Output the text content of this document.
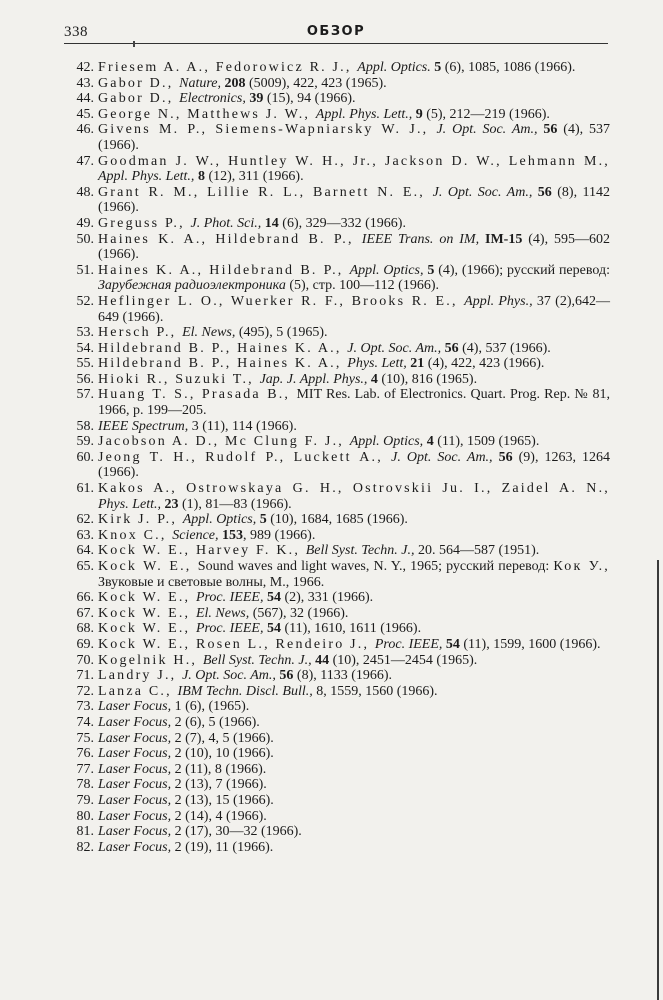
338	ОБЗОР
42. Friesem A. A., Fedorowicz R. J., Appl. Optics. 5 (6), 1085, 1086 (1966).
43. Gabor D., Nature, 208 (5009), 422, 423 (1965).
44. Gabor D., Electronics, 39 (15), 94 (1966).
45. George N., Matthews J. W., Appl. Phys. Lett., 9 (5), 212—219 (1966).
46. Givens M. P., Siemens-Wapniarsky W. J., J. Opt. Soc. Am., 56 (4), 537 (1966).
47. Goodman J. W., Huntley W. H., Jr., Jackson D. W., Lehmann M., Appl. Phys. Lett., 8 (12), 311 (1966).
48. Grant R. M., Lillie R. L., Barnett N. E., J. Opt. Soc. Am., 56 (8), 1142 (1966).
49. Greguss P., J. Phot. Sci., 14 (6), 329—332 (1966).
50. Haines K. A., Hildebrand B. P., IEEE Trans. on IM, IM-15 (4), 595—602 (1966).
51. Haines K. A., Hildebrand B. P., Appl. Optics, 5 (4), (1966); русский перевод: Зарубежная радиоэлектроника (5), стр. 100—112 (1966).
52. Heflinger L. O., Wuerker R. F., Brooks R. E., Appl. Phys., 37 (2),642—649 (1966).
53. Hersch P., El. News, (495), 5 (1965).
54. Hildebrand B. P., Haines K. A., J. Opt. Soc. Am., 56 (4), 537 (1966).
55. Hildebrand B. P., Haines K. A., Phys. Lett, 21 (4), 422, 423 (1966).
56. Hioki R., Suzuki T., Jap. J. Appl. Phys., 4 (10), 816 (1965).
57. Huang T. S., Prasada B., MIT Res. Lab. of Electronics. Quart. Prog. Rep. № 81, 1966, p. 199—205.
58. IEEE Spectrum, 3 (11), 114 (1966).
59. Jacobson A. D., Mc Clung F. J., Appl. Optics, 4 (11), 1509 (1965).
60. Jeong T. H., Rudolf P., Luckett A., J. Opt. Soc. Am., 56 (9), 1263, 1264 (1966).
61. Kakos A., Ostrowskaya G. H., Ostrovskii Ju. I., Zaidel A. N., Phys. Lett., 23 (1), 81—83 (1966).
62. Kirk J. P., Appl. Optics, 5 (10), 1684, 1685 (1966).
63. Knox C., Science, 153, 989 (1966).
64. Kock W. E., Harvey F. K., Bell Syst. Techn. J., 20. 564—587 (1951).
65. Kock W. E., Sound waves and light waves, N. Y., 1965; русский перевод: Кок У., Звуковые и световые волны, М., 1966.
66. Kock W. E., Proc. IEEE, 54 (2), 331 (1966).
67. Kock W. E., El. News, (567), 32 (1966).
68. Kock W. E., Proc. IEEE, 54 (11), 1610, 1611 (1966).
69. Kock W. E., Rosen L., Rendeiro J., Proc. IEEE, 54 (11), 1599, 1600 (1966).
70. Kogelnik H., Bell Syst. Techn. J., 44 (10), 2451—2454 (1965).
71. Landry J., J. Opt. Soc. Am., 56 (8), 1133 (1966).
72. Lanza C., IBM Techn. Discl. Bull., 8, 1559, 1560 (1966).
73. Laser Focus, 1 (6), (1965).
74. Laser Focus, 2 (6), 5 (1966).
75. Laser Focus, 2 (7), 4, 5 (1966).
76. Laser Focus, 2 (10), 10 (1966).
77. Laser Focus, 2 (11), 8 (1966).
78. Laser Focus, 2 (13), 7 (1966).
79. Laser Focus, 2 (13), 15 (1966).
80. Laser Focus, 2 (14), 4 (1966).
81. Laser Focus, 2 (17), 30—32 (1966).
82. Laser Focus, 2 (19), 11 (1966).
